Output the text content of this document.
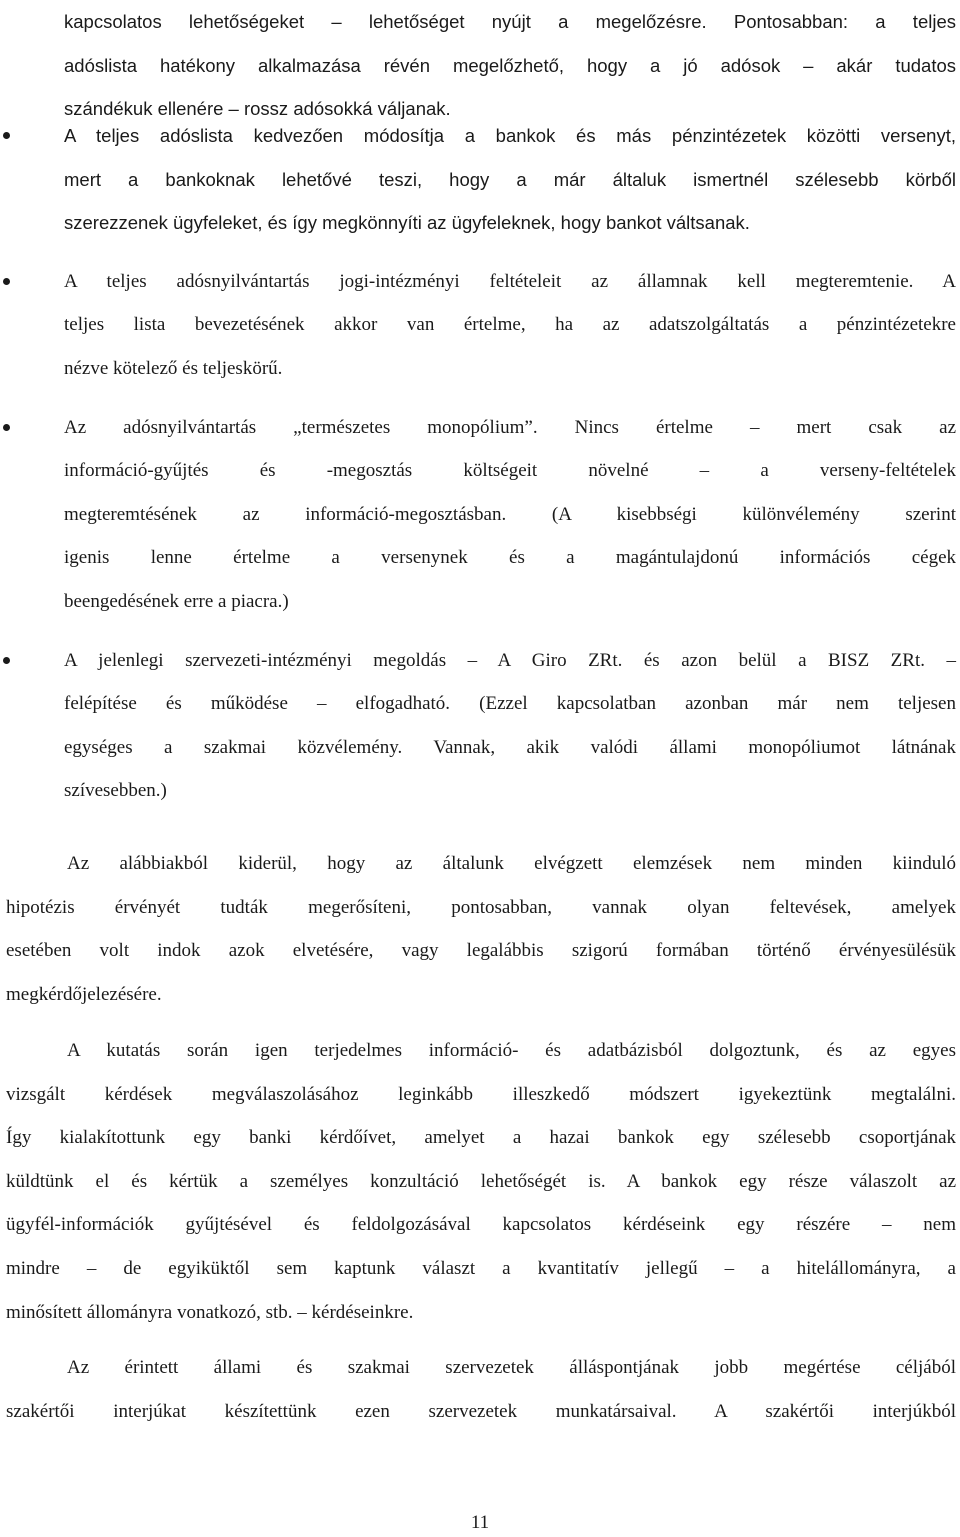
kapcsolatos lehetőségeket – lehetőséget nyújt a megelőzésre. Pontosabban: a teljes
adóslista hatékony alkalmazása révén megelőzhető, hogy a jó adósok – akár tudatos
szándékuk ellenére – rossz adósokká váljanak.
A teljes adóslista kedvezően módosítja a bankok és más pénzintézetek közötti versenyt,
mert a bankoknak lehetővé teszi, hogy a már általuk ismertnél szélesebb körből
szerezzenek ügyfeleket, és így megkönnyíti az ügyfeleknek, hogy bankot váltsanak.
A teljes adósnyilvántartás jogi-intézményi feltételeit az államnak kell megteremtenie. A
teljes lista bevezetésének akkor van értelme, ha az adatszolgáltatás a pénzintézetekre
nézve kötelező és teljeskörű.
Az adósnyilvántartás „természetes monopólium”. Nincs értelme – mert csak az
információ-gyűjtés és -megosztás költségeit növelné – a verseny-feltételek
megteremtésének az információ-megosztásban. (A kisebbségi különvélemény szerint
igenis lenne értelme a versenynek és a magántulajdonú információs cégek
beengedésének erre a piacra.)
A jelenlegi szervezeti-intézményi megoldás – A Giro ZRt. és azon belül a BISZ ZRt. –
felépítése és működése – elfogadható. (Ezzel kapcsolatban azonban már nem teljesen
egységes a szakmai közvélemény. Vannak, akik valódi állami monopóliumot látnának
szívesebben.)
Az alábbiakból kiderül, hogy az általunk elvégzett elemzések nem minden kiinduló
hipotézis érvényét tudták megerősíteni, pontosabban, vannak olyan feltevések, amelyek
esetében volt indok azok elvetésére, vagy legalábbis szigorú formában történő érvényesülésük
megkérdőjelezésére.
A kutatás során igen terjedelmes információ- és adatbázisból dolgoztunk, és az egyes
vizsgált kérdések megválaszolásához leginkább illeszkedő módszert igyekeztünk megtalálni.
Így kialakítottunk egy banki kérdőívet, amelyet a hazai bankok egy szélesebb csoportjának
küldtünk el és kértük a személyes konzultáció lehetőségét is. A bankok egy része válaszolt az
ügyfél-információk gyűjtésével és feldolgozásával kapcsolatos kérdéseink egy részére – nem
mindre – de egyiküktől sem kaptunk választ a kvantitatív jellegű – a hitelállományra, a
minősített állományra vonatkozó, stb. – kérdéseinkre.
Az érintett állami és szakmai szervezetek álláspontjának jobb megértése céljából
szakértői interjúkat készítettünk ezen szervezetek munkatársaival. A szakértői interjúkból
11
